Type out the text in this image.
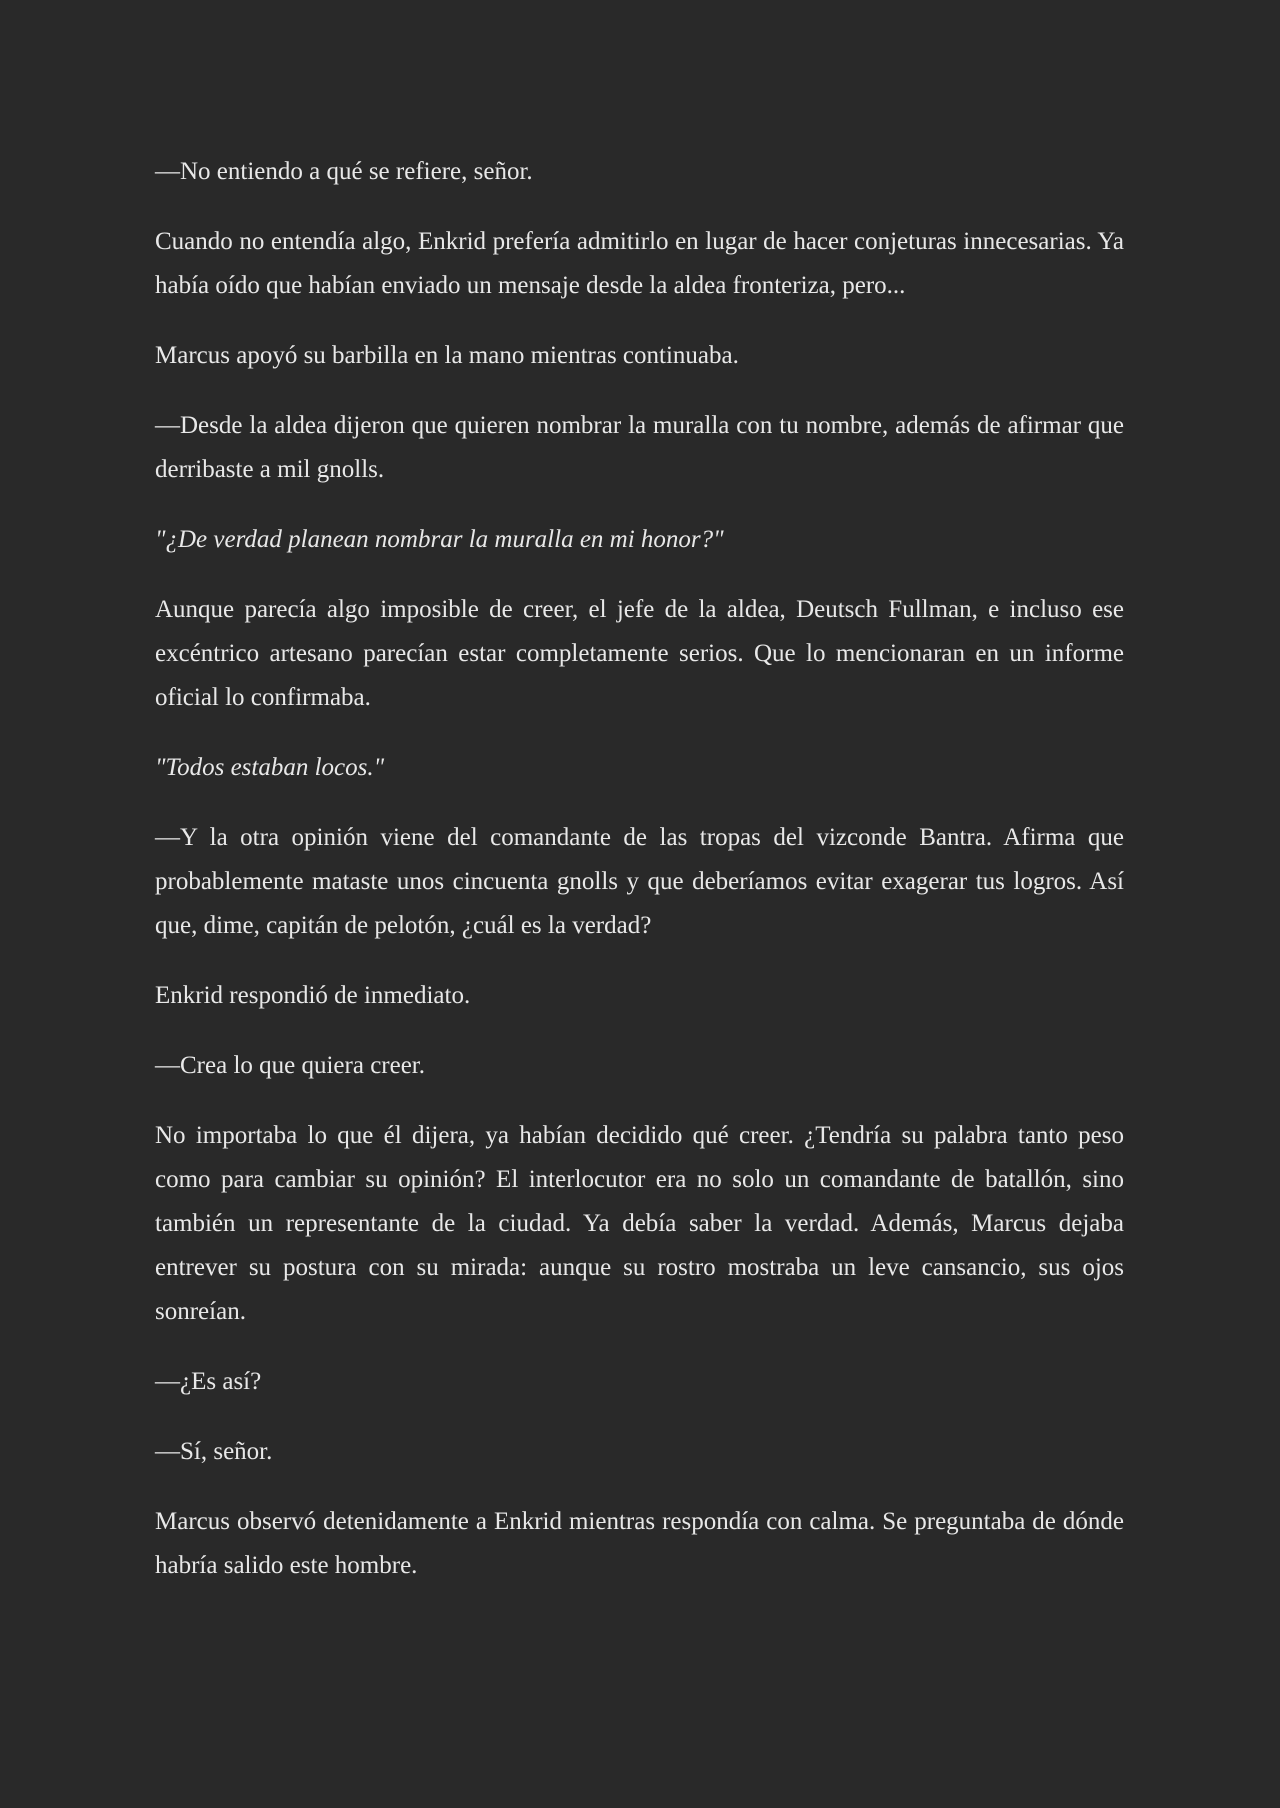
—No entiendo a qué se refiere, señor.

Cuando no entendía algo, Enkrid prefería admitirlo en lugar de hacer conjeturas innecesarias. Ya había oído que habían enviado un mensaje desde la aldea fronteriza, pero...

Marcus apoyó su barbilla en la mano mientras continuaba.

—Desde la aldea dijeron que quieren nombrar la muralla con tu nombre, además de afirmar que derribaste a mil gnolls.

"¿De verdad planean nombrar la muralla en mi honor?"

Aunque parecía algo imposible de creer, el jefe de la aldea, Deutsch Fullman, e incluso ese excéntrico artesano parecían estar completamente serios. Que lo mencionaran en un informe oficial lo confirmaba.

"Todos estaban locos."

—Y la otra opinión viene del comandante de las tropas del vizconde Bantra. Afirma que probablemente mataste unos cincuenta gnolls y que deberíamos evitar exagerar tus logros. Así que, dime, capitán de pelotón, ¿cuál es la verdad?

Enkrid respondió de inmediato.

—Crea lo que quiera creer.

No importaba lo que él dijera, ya habían decidido qué creer. ¿Tendría su palabra tanto peso como para cambiar su opinión? El interlocutor era no solo un comandante de batallón, sino también un representante de la ciudad. Ya debía saber la verdad. Además, Marcus dejaba entrever su postura con su mirada: aunque su rostro mostraba un leve cansancio, sus ojos sonreían.

—¿Es así?

—Sí, señor.

Marcus observó detenidamente a Enkrid mientras respondía con calma. Se preguntaba de dónde habría salido este hombre.
